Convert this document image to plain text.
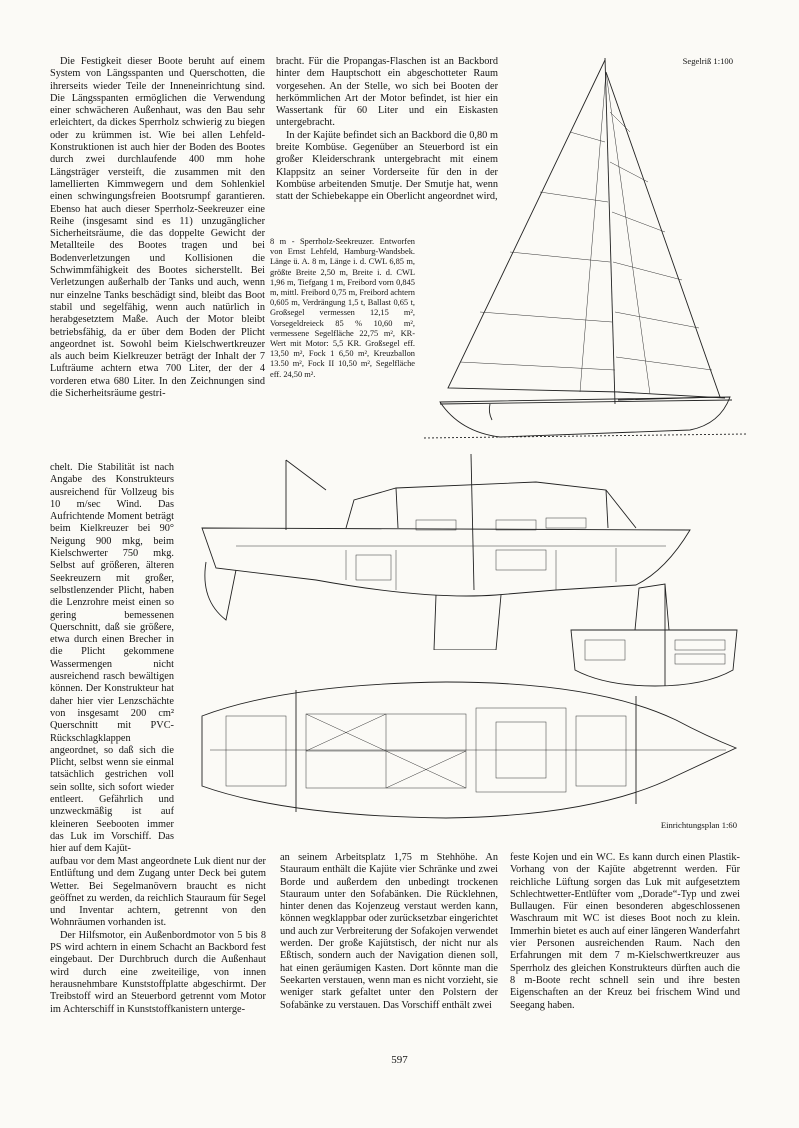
Die Festigkeit dieser Boote beruht auf einem System von Längsspanten und Querschotten, die ihrerseits wieder Teile der Inneneinrichtung sind. Die Längsspanten ermöglichen die Verwendung einer schwächeren Außenhaut, was den Bau sehr erleichtert, da dickes Sperrholz schwierig zu biegen oder zu krümmen ist. Wie bei allen Lehfeld-Konstruktionen ist auch hier der Boden des Bootes durch zwei durchlaufende 400 mm hohe Längsträger versteift, die zusammen mit den lamellierten Kimmwegern und dem Sohlenkiel einen schwingungsfreien Bootsrumpf garantieren. Ebenso hat auch dieser Sperrholz-Seekreuzer eine Reihe (insgesamt sind es 11) unzugänglicher Sicherheitsräume, die das doppelte Gewicht der Metallteile des Bootes tragen und bei Bodenverletzungen und Kollisionen die Schwimmfähigkeit des Bootes sicherstellt. Bei Verletzungen außerhalb der Tanks und auch, wenn nur einzelne Tanks beschädigt sind, bleibt das Boot stabil und segelfähig, wenn auch natürlich in herabgesetztem Maße. Auch der Motor bleibt betriebsfähig, da er über dem Boden der Plicht angeordnet ist. Sowohl beim Kielschwertkreuzer als auch beim Kielkreuzer beträgt der Inhalt der 7 Lufträume achtern etwa 700 Liter, der der 4 vorderen etwa 680 Liter. In den Zeichnungen sind die Sicherheitsräume gestri-

chelt. Die Stabilität ist nach Angabe des Konstrukteurs ausreichend für Vollzeug bis 10 m/sec Wind. Das Aufrichtende Moment beträgt beim Kielkreuzer bei 90° Neigung 900 mkg, beim Kielschwerter 750 mkg. Selbst auf größeren, älteren Seekreuzern mit großer, selbstlenzender Plicht, haben die Lenzrohre meist einen so gering bemessenen Querschnitt, daß sie größere, etwa durch einen Brecher in die Plicht gekommene Wassermengen nicht ausreichend rasch bewältigen können. Der Konstrukteur hat daher hier vier Lenzschächte von insgesamt 200 cm² Querschnitt mit PVC-Rückschlagklappen angeordnet, so daß sich die Plicht, selbst wenn sie einmal tatsächlich gestrichen voll sein sollte, sich sofort wieder entleert. Gefährlich und unzweckmäßig ist auf kleineren Seebooten immer das Luk im Vorschiff. Das hier auf dem Kajüt-

aufbau vor dem Mast angeordnete Luk dient nur der Entlüftung und dem Zugang unter Deck bei gutem Wetter. Bei Segelmanövern braucht es nicht geöffnet zu werden, da reichlich Stauraum für Segel und Inventar achtern, getrennt von den Wohnräumen vorhanden ist.

Der Hilfsmotor, ein Außenbordmotor von 5 bis 8 PS wird achtern in einem Schacht an Backbord fest eingebaut. Der Durchbruch durch die Außenhaut wird durch eine zweiteilige, von innen herausnehmbare Kunststoffplatte abgeschirmt. Der Treibstoff wird an Steuerbord getrennt vom Motor im Achterschiff in Kunststoffkanistern unterge-

bracht. Für die Propangas-Flaschen ist an Backbord hinter dem Hauptschott ein abgeschotteter Raum vorgesehen. An der Stelle, wo sich bei Booten der herkömmlichen Art der Motor befindet, ist hier ein Wassertank für 60 Liter und ein Eiskasten untergebracht.

In der Kajüte befindet sich an Backbord die 0,80 m breite Kombüse. Gegenüber an Steuerbord ist ein großer Kleiderschrank untergebracht mit einem Klappsitz an seiner Vorderseite für den in der Kombüse arbeitenden Smutje. Der Smutje hat, wenn statt der Schiebekappe ein Oberlicht angeordnet wird,

8 m - Sperrholz-Seekreuzer. Entworfen von Ernst Lehfeld, Hamburg-Wandsbek. Länge ü. A. 8 m, Länge i. d. CWL 6,85 m, größte Breite 2,50 m, Breite i. d. CWL 1,96 m, Tiefgang 1 m, Freibord vorn 0,845 m, mittl. Freibord 0,75 m, Freibord achtern 0,605 m, Verdrängung 1,5 t, Ballast 0,65 t, Großsegel vermessen 12,15 m², Vorsegeldreieck 85 % 10,60 m², vermessene Segelfläche 22,75 m², KR-Wert mit Motor: 5,5 KR. Großsegel eff. 13,50 m², Fock 1 6,50 m², Kreuzballon 13.50 m², Fock II 10,50 m², Segelfläche eff. 24,50 m².
Segelriß 1:100
Einrichtungsplan 1:60

an seinem Arbeitsplatz 1,75 m Stehhöhe. An Stauraum enthält die Kajüte vier Schränke und zwei Borde und außerdem den unbedingt trockenen Stauraum unter den Sofabänken. Die Rücklehnen, hinter denen das Kojenzeug verstaut werden kann, können wegklappbar oder zurücksetzbar eingerichtet und auch zur Verbreiterung der Sofakojen verwendet werden. Der große Kajütstisch, der nicht nur als Eßtisch, sondern auch der Navigation dienen soll, hat einen geräumigen Kasten. Dort könnte man die Seekarten verstauen, wenn man es nicht vorzieht, sie weniger stark gefaltet unter den Polstern der Sofabänke zu verstauen. Das Vorschiff enthält zwei

feste Kojen und ein WC. Es kann durch einen Plastik-Vorhang von der Kajüte abgetrennt werden. Für reichliche Lüftung sorgen das Luk mit aufgesetztem Schlechtwetter-Entlüfter vom „Dorade“-Typ und zwei Bullaugen. Für einen besonderen abgeschlossenen Waschraum mit WC ist dieses Boot noch zu klein. Immerhin bietet es auch auf einer längeren Wanderfahrt vier Personen ausreichenden Raum. Nach den Erfahrungen mit dem 7 m-Kielschwertkreuzer aus Sperrholz des gleichen Konstrukteurs dürften auch die 8 m-Boote recht schnell sein und ihre besten Eigenschaften an der Kreuz bei frischem Wind und Seegang haben.

597
